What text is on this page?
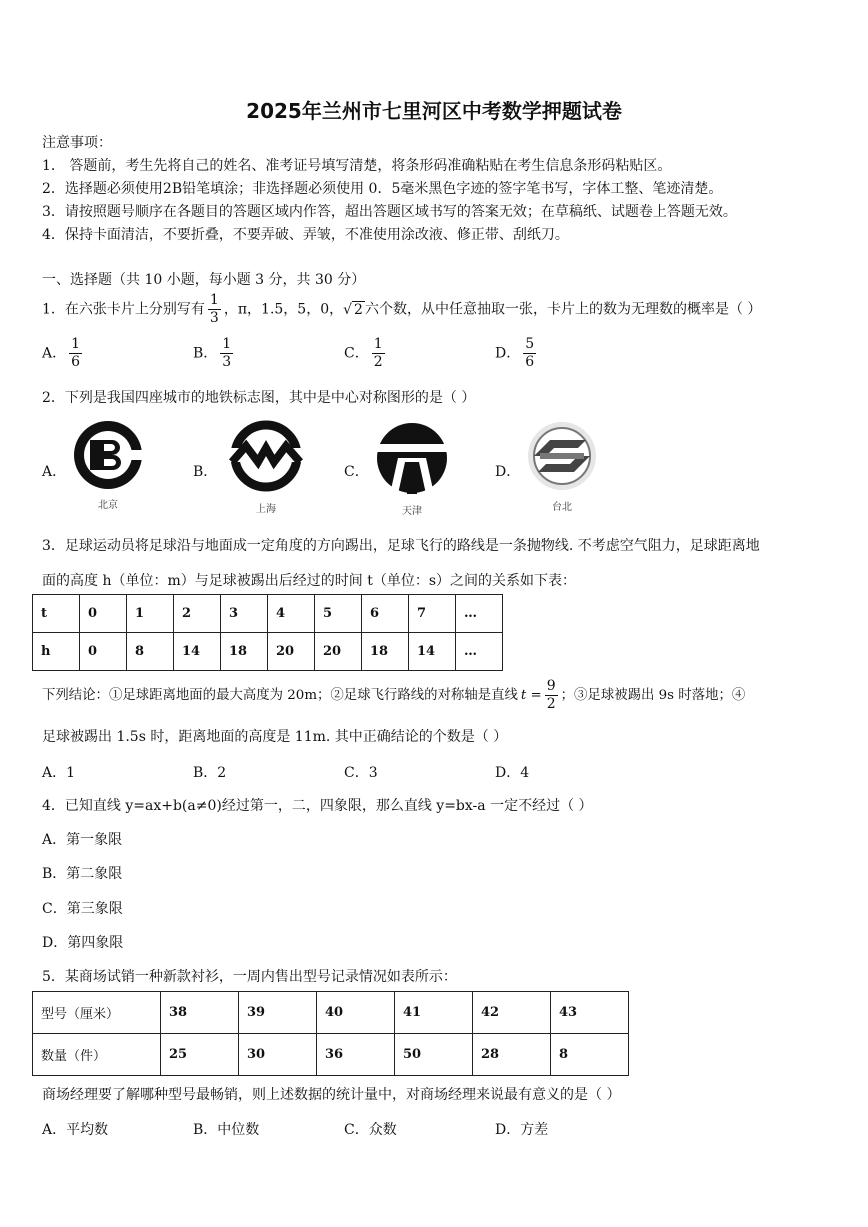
2025年兰州市七里河区中考数学押题试卷
注意事项：
1． 答题前，考生先将自己的姓名、准考证号填写清楚，将条形码准确粘贴在考生信息条形码粘贴区。
2．选择题必须使用2B铅笔填涂；非选择题必须使用 0．5毫米黑色字迹的签字笔书写，字体工整、笔迹清楚。
3．请按照题号顺序在各题目的答题区域内作答，超出答题区域书写的答案无效；在草稿纸、试题卷上答题无效。
4．保持卡面清洁，不要折叠，不要弄破、弄皱，不准使用涂改液、修正带、刮纸刀。
一、选择题（共 10 小题，每小题 3 分，共 30 分）
1．在六张卡片上分别写有 $\frac{1}{3}$ ，π，1.5，5，0，√ 2 六个数，从中任意抽取一张，卡片上的数为无理数的概率是（ ）
A． $\frac{1}{6}$	B． $\frac{1}{3}$	C． $\frac{1}{2}$	D． $\frac{5}{6}$
2．下列是我国四座城市的地铁标志图，其中是中心对称图形的是（ ）
A．	B．	C．	D．
北京	上海	天津	台北
3．足球运动员将足球沿与地面成一定角度的方向踢出，足球飞行的路线是一条抛物线. 不考虑空气阻力，足球距离地
面的高度 h（单位：m）与足球被踢出后经过的时间 t（单位：s）之间的关系如下表：
t	0	1	2	3	4	5	6	7	…
h	0	8	14	18	20	20	18	14	…
下列结论：①足球距离地面的最大高度为 20m；②足球飞行路线的对称轴是直线 $t = \frac{9}{2}$ ；③足球被踢出 9s 时落地；④
足球被踢出 1.5s 时，距离地面的高度是 11m. 其中正确结论的个数是（ ）
A．1	B．2	C．3	D．4
4．已知直线 y=ax+b(a≠0)经过第一，二，四象限，那么直线 y=bx-a 一定不经过（ ）
A．第一象限
B．第二象限
C．第三象限
D．第四象限
5．某商场试销一种新款衬衫，一周内售出型号记录情况如表所示：
型号（厘米）	38	39	40	41	42	43
数量（件）	25	30	36	50	28	8
商场经理要了解哪种型号最畅销，则上述数据的统计量中，对商场经理来说最有意义的是（ ）
A．平均数	B．中位数	C．众数	D．方差
